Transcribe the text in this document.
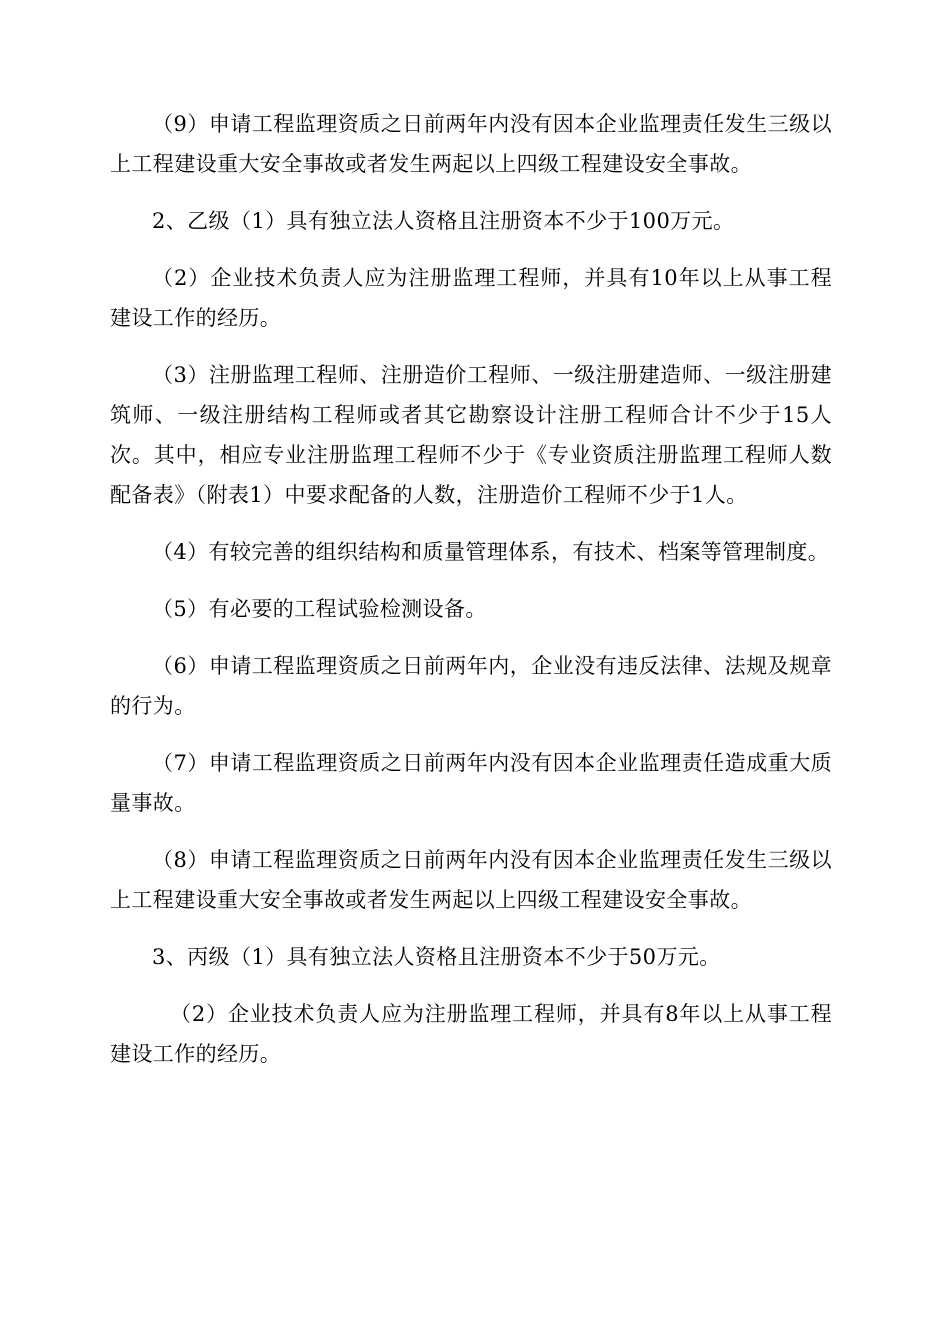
（9）申请工程监理资质之日前两年内没有因本企业监理责任发生三级以上工程建设重大安全事故或者发生两起以上四级工程建设安全事故。

2、乙级（1）具有独立法人资格且注册资本不少于100万元。

（2）企业技术负责人应为注册监理工程师，并具有10年以上从事工程建设工作的经历。

（3）注册监理工程师、注册造价工程师、一级注册建造师、一级注册建筑师、一级注册结构工程师或者其它勘察设计注册工程师合计不少于15人次。其中，相应专业注册监理工程师不少于《专业资质注册监理工程师人数配备表》（附表1）中要求配备的人数，注册造价工程师不少于1人。

（4）有较完善的组织结构和质量管理体系，有技术、档案等管理制度。

（5）有必要的工程试验检测设备。

（6）申请工程监理资质之日前两年内，企业没有违反法律、法规及规章的行为。

（7）申请工程监理资质之日前两年内没有因本企业监理责任造成重大质量事故。

（8）申请工程监理资质之日前两年内没有因本企业监理责任发生三级以上工程建设重大安全事故或者发生两起以上四级工程建设安全事故。

3、丙级（1）具有独立法人资格且注册资本不少于50万元。

（2）企业技术负责人应为注册监理工程师，并具有8年以上从事工程建设工作的经历。
